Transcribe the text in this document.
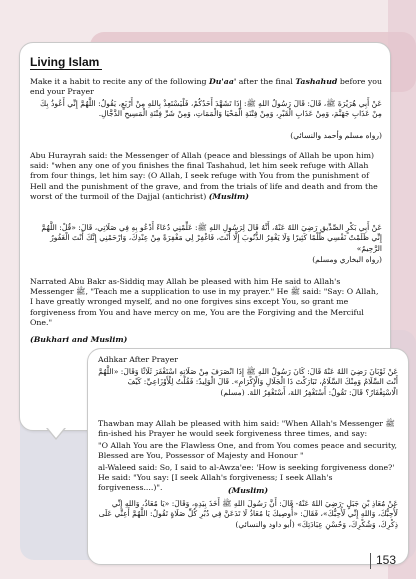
Living Islam

Make it a habit to recite any of the following Du'aa' after the final Tashahud before you end your Prayer

عَنْ أَبِي هُرَيْرَةَ ﷺ، قَالَ: قَالَ رَسُولُ اللهِ ﷺ: إِذَا تَشَهَّدَ أَحَدُكُمْ، فَلْيَسْتَعِذْ بِاللهِ مِنْ أَرْبَعٍ، يَقُولُ: اللَّهُمَّ إِنِّي أَعُوذُ بِكَ مِنْ عَذَابِ جَهَنَّمَ، وَمِنْ عَذَابِ الْقَبْرِ، وَمِنْ فِتْنَةِ الْمَحْيَا وَالْمَمَاتِ، وَمِنْ شَرِّ فِتْنَةِ الْمَسِيحِ الدَّجَّالِ.

(رواه مسلم وأحمد والنسائي)

Abu Hurayrah said: the Messenger of Allah (peace and blessings of Allah be upon him) said: "when any one of you finishes the final Tashahud, let him seek refuge with Allah from four things, let him say: (O Allah, I seek refuge with You from the punishment of Hell and the punishment of the grave, and from the trials of life and death and from the worst of the turmoil of the Dajjal (antichrist) (Muslim)

عَنْ أَبِي بَكْرٍ الصِّدِّيقِ رَضِيَ اللهُ عَنْهُ، أَنَّهُ قَالَ لِرَسُولِ اللهِ ﷺ: عَلِّمْنِي دُعَاءً أَدْعُو بِهِ فِي صَلَاتِي، قَالَ: «قُلْ: اللَّهُمَّ إِنِّي ظَلَمْتُ نَفْسِي ظُلْمًا كَثِيرًا وَلَا يَغْفِرُ الذُّنُوبَ إِلَّا أَنْتَ، فَاغْفِرْ لِي مَغْفِرَةً مِنْ عِنْدِكَ، وَارْحَمْنِي إِنَّكَ أَنْتَ الْغَفُورُ الرَّحِيمُ»

(رواه البخاري ومسلم)

Narrated Abu Bakr as-Siddiq may Allah be pleased with him He said to Allah's Messenger ﷺ, "Teach me a supplication to use in my prayer." He ﷺ said: "Say: O Allah, I have greatly wronged myself, and no one forgives sins except You, so grant me forgiveness from You and have mercy on me, You are the Forgiving and the Merciful One."

(Bukhari and Muslim)

Adhkar After Prayer

عَنْ ثَوْبَانَ رَضِيَ اللهُ عَنْهُ قَالَ: كَانَ رَسُولُ اللهِ ﷺ إِذَا انْصَرَفَ مِنْ صَلَاتِهِ اسْتَغْفَرَ ثَلَاثًا وَقَالَ: «اللَّهُمَّ أَنْتَ السَّلَامُ وَمِنْكَ السَّلَامُ، تَبَارَكْتَ ذَا الْجَلَالِ وَالْإِكْرَامِ». قَالَ الْوَلِيدُ: فَقُلْتُ لِلْأَوْزَاعِيِّ: كَيْفَ الْاسْتِغْفَارُ؟ قَالَ: تَقُولُ: أَسْتَغْفِرُ اللهَ، أَسْتَغْفِرُ اللهَ. (مسلم)

Thawban may Allah be pleased with him said: "When Allah's Messenger ﷺ fin-ished his Prayer he would seek forgiveness three times, and say:

"O Allah You are the Flawless One, and from You comes peace and security, Blessed are You, Possessor of Majesty and Honour "

al-Waleed said: So, I said to al-Awza'ee: 'How is seeking forgiveness done?' He said: "You say: [I seek Allah's forgiveness; I seek Allah's forgiveness....)".	(Muslim)

عَنْ مُعَاذِ بْنِ جَبَلٍ -رَضِيَ اللهُ عَنْهُ- قَالَ: أَنَّ رَسُولَ اللهِ ﷺ أَخَذَ بِيَدِهِ، وَقَالَ: «يَا مُعَاذُ، وَاللهِ إِنِّي لَأُحِبُّكَ، وَاللهِ إِنِّي لَأُحِبُّكَ»، فَقَالَ: «أُوصِيكَ يَا مُعَاذُ لَا تَدَعَنَّ فِي دُبُرِ كُلِّ صَلَاةٍ تَقُولُ: اللَّهُمَّ أَعِنِّي عَلَى ذِكْرِكَ، وَشُكْرِكَ، وَحُسْنِ عِبَادَتِكَ» (أبو داود والنسائي)

153
